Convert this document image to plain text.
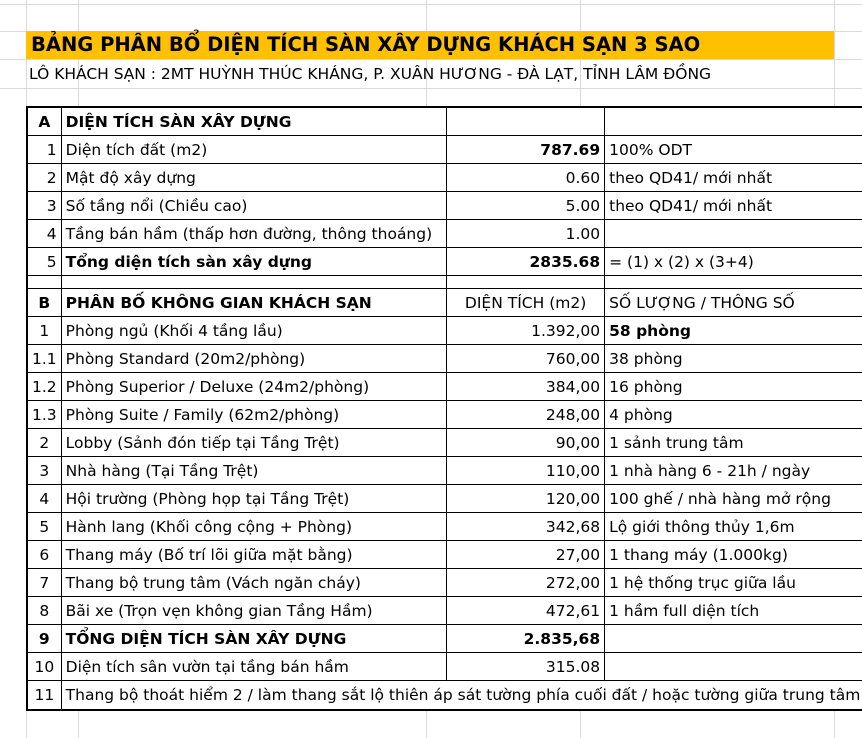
BẢNG PHÂN BỔ DIỆN TÍCH SÀN XÂY DỰNG KHÁCH SẠN 3 SAO
LÔ KHÁCH SẠN : 2MT HUỲNH THÚC KHÁNG, P. XUÂN HƯƠNG - ĐÀ LẠT, TỈNH LÂM ĐỒNG
A	DIỆN TÍCH SÀN XÂY DỰNG		
1	Diện tích đất (m2)	787.69	100% ODT
2	Mật độ xây dựng	0.60	theo QD41/ mới nhất
3	Số tầng nổi (Chiều cao)	5.00	theo QD41/ mới nhất
4	Tầng bán hầm (thấp hơn đường, thông thoáng)	1.00	
5	Tổng diện tích sàn xây dựng	2835.68	= (1) x (2) x (3+4)

B	PHÂN BỐ KHÔNG GIAN KHÁCH SẠN	DIỆN TÍCH (m2)	SỐ LƯỢNG / THÔNG SỐ
1	Phòng ngủ (Khối 4 tầng lầu)	1.392,00	58 phòng
1.1	Phòng Standard (20m2/phòng)	760,00	38 phòng
1.2	Phòng Superior / Deluxe (24m2/phòng)	384,00	16 phòng
1.3	Phòng Suite / Family (62m2/phòng)	248,00	4 phòng
2	Lobby (Sảnh đón tiếp tại Tầng Trệt)	90,00	1 sảnh trung tâm
3	Nhà hàng (Tại Tầng Trệt)	110,00	1 nhà hàng 6 - 21h / ngày
4	Hội trường (Phòng họp tại Tầng Trệt)	120,00	100 ghế / nhà hàng mở rộng
5	Hành lang (Khối công cộng + Phòng)	342,68	Lộ giới thông thủy 1,6m
6	Thang máy (Bố trí lõi giữa mặt bằng)	27,00	1 thang máy (1.000kg)
7	Thang bộ trung tâm (Vách ngăn cháy)	272,00	1 hệ thống trục giữa lầu
8	Bãi xe (Trọn vẹn không gian Tầng Hầm)	472,61	1 hầm full diện tích
9	TỔNG DIỆN TÍCH SÀN XÂY DỰNG	2.835,68	
10	Diện tích sân vườn tại tầng bán hầm	315.08	
11	Thang bộ thoát hiểm 2 / làm thang sắt lộ thiên áp sát tường phía cuối đất / hoặc tường giữa trung tâm		
